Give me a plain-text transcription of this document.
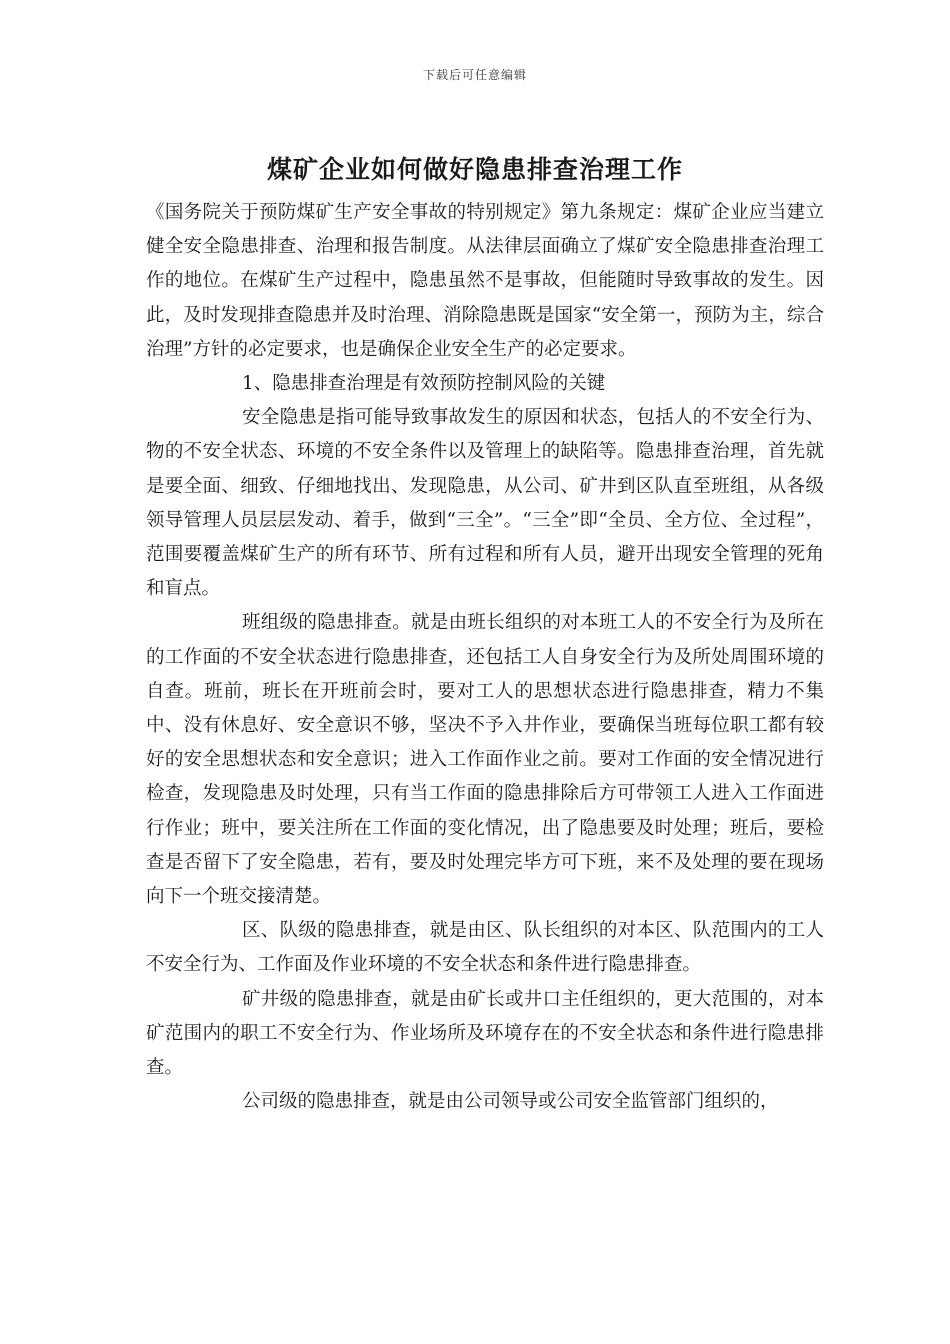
下载后可任意编辑
煤矿企业如何做好隐患排查治理工作

《国务院关于预防煤矿生产安全事故的特别规定》第九条规定：煤矿企业应当建立健全安全隐患排查、治理和报告制度。从法律层面确立了煤矿安全隐患排查治理工作的地位。在煤矿生产过程中，隐患虽然不是事故，但能随时导致事故的发生。因此，及时发现排查隐患并及时治理、消除隐患既是国家“安全第一，预防为主，综合治理”方针的必定要求，也是确保企业安全生产的必定要求。

1、隐患排查治理是有效预防控制风险的关键

安全隐患是指可能导致事故发生的原因和状态，包括人的不安全行为、物的不安全状态、环境的不安全条件以及管理上的缺陷等。隐患排查治理，首先就是要全面、细致、仔细地找出、发现隐患，从公司、矿井到区队直至班组，从各级领导管理人员层层发动、着手，做到“三全”。“三全”即“全员、全方位、全过程”，范围要覆盖煤矿生产的所有环节、所有过程和所有人员，避开出现安全管理的死角和盲点。

班组级的隐患排查。就是由班长组织的对本班工人的不安全行为及所在的工作面的不安全状态进行隐患排查，还包括工人自身安全行为及所处周围环境的自查。班前，班长在开班前会时，要对工人的思想状态进行隐患排查，精力不集中、没有休息好、安全意识不够，坚决不予入井作业，要确保当班每位职工都有较好的安全思想状态和安全意识；进入工作面作业之前。要对工作面的安全情况进行检查，发现隐患及时处理，只有当工作面的隐患排除后方可带领工人进入工作面进行作业；班中，要关注所在工作面的变化情况，出了隐患要及时处理；班后，要检查是否留下了安全隐患，若有，要及时处理完毕方可下班，来不及处理的要在现场向下一个班交接清楚。

区、队级的隐患排查，就是由区、队长组织的对本区、队范围内的工人不安全行为、工作面及作业环境的不安全状态和条件进行隐患排查。

矿井级的隐患排查，就是由矿长或井口主任组织的，更大范围的，对本矿范围内的职工不安全行为、作业场所及环境存在的不安全状态和条件进行隐患排查。

公司级的隐患排查，就是由公司领导或公司安全监管部门组织的，
